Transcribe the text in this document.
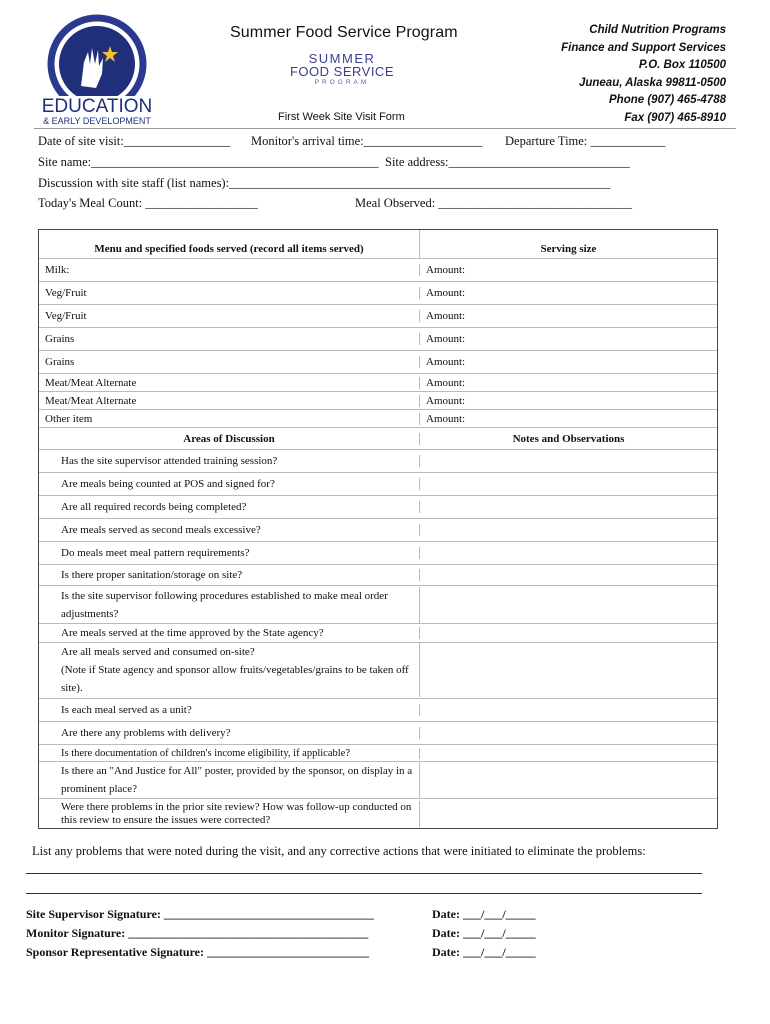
EDUCATION
& EARLY DEVELOPMENT
Summer Food Service Program
SUMMER
FOOD SERVICE
PROGRAM
First Week Site Visit Form
Child Nutrition Programs
Finance and Support Services
P.O. Box 110500
Juneau, Alaska 99811-0500
Phone (907) 465-4788
Fax (907) 465-8910
Date of site visit:_________________ Monitor's arrival time:___________________ Departure Time: ____________
Site name:______________________________________________ Site address:_____________________________
Discussion with site staff (list names):_____________________________________________________________
Today's Meal Count: __________________	Meal Observed: _______________________________
Menu and specified foods served (record all items served)	Serving size
Milk:	Amount:
Veg/Fruit	Amount:
Veg/Fruit	Amount:
Grains	Amount:
Grains	Amount:
Meat/Meat Alternate	Amount:
Meat/Meat Alternate	Amount:
Other item	Amount:
Areas of Discussion	Notes and Observations
Has the site supervisor attended training session?
Are meals being counted at POS and signed for?
Are all required records being completed?
Are meals served as second meals excessive?
Do meals meet meal pattern requirements?
Is there proper sanitation/storage on site?
Is the site supervisor following procedures established to make meal order adjustments?
Are meals served at the time approved by the State agency?
Are all meals served and consumed on-site?
(Note if State agency and sponsor allow fruits/vegetables/grains to be taken off site).
Is each meal served as a unit?
Are there any problems with delivery?
Is there documentation of children's income eligibility, if applicable?
Is there an "And Justice for All" poster, provided by the sponsor, on display in a prominent place?
Were there problems in the prior site review? How was follow-up conducted on this review to ensure the issues were corrected?
List any problems that were noted during the visit, and any corrective actions that were initiated to eliminate the problems:
Site Supervisor Signature: ___________________________________	Date: ___/___/_____
Monitor Signature: ________________________________________	Date: ___/___/_____
Sponsor Representative Signature: ___________________________	Date: ___/___/_____
